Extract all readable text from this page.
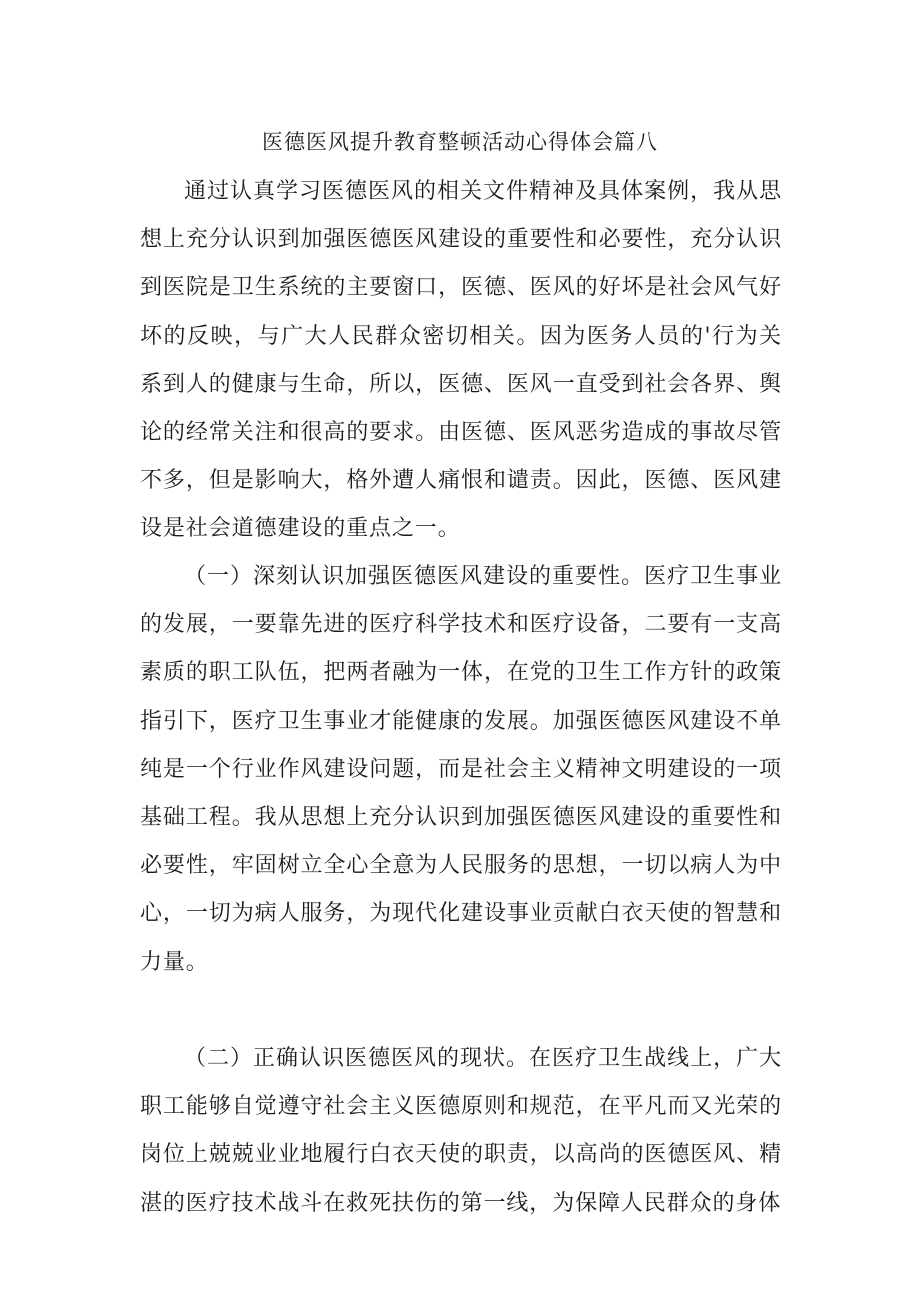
医德医风提升教育整顿活动心得体会篇八

通过认真学习医德医风的相关文件精神及具体案例，我从思想上充分认识到加强医德医风建设的重要性和必要性，充分认识到医院是卫生系统的主要窗口，医德、医风的好坏是社会风气好坏的反映，与广大人民群众密切相关。因为医务人员的'行为关系到人的健康与生命，所以，医德、医风一直受到社会各界、舆论的经常关注和很高的要求。由医德、医风恶劣造成的事故尽管不多，但是影响大，格外遭人痛恨和谴责。因此，医德、医风建设是社会道德建设的重点之一。

（一）深刻认识加强医德医风建设的重要性。医疗卫生事业的发展，一要靠先进的医疗科学技术和医疗设备，二要有一支高素质的职工队伍，把两者融为一体，在党的卫生工作方针的政策指引下，医疗卫生事业才能健康的发展。加强医德医风建设不单纯是一个行业作风建设问题，而是社会主义精神文明建设的一项基础工程。我从思想上充分认识到加强医德医风建设的重要性和必要性，牢固树立全心全意为人民服务的思想，一切以病人为中心，一切为病人服务，为现代化建设事业贡献白衣天使的智慧和力量。

（二）正确认识医德医风的现状。在医疗卫生战线上，广大职工能够自觉遵守社会主义医德原则和规范，在平凡而又光荣的岗位上兢兢业业地履行白衣天使的职责，以高尚的医德医风、精湛的医疗技术战斗在救死扶伤的第一线，为保障人民群众的身体
